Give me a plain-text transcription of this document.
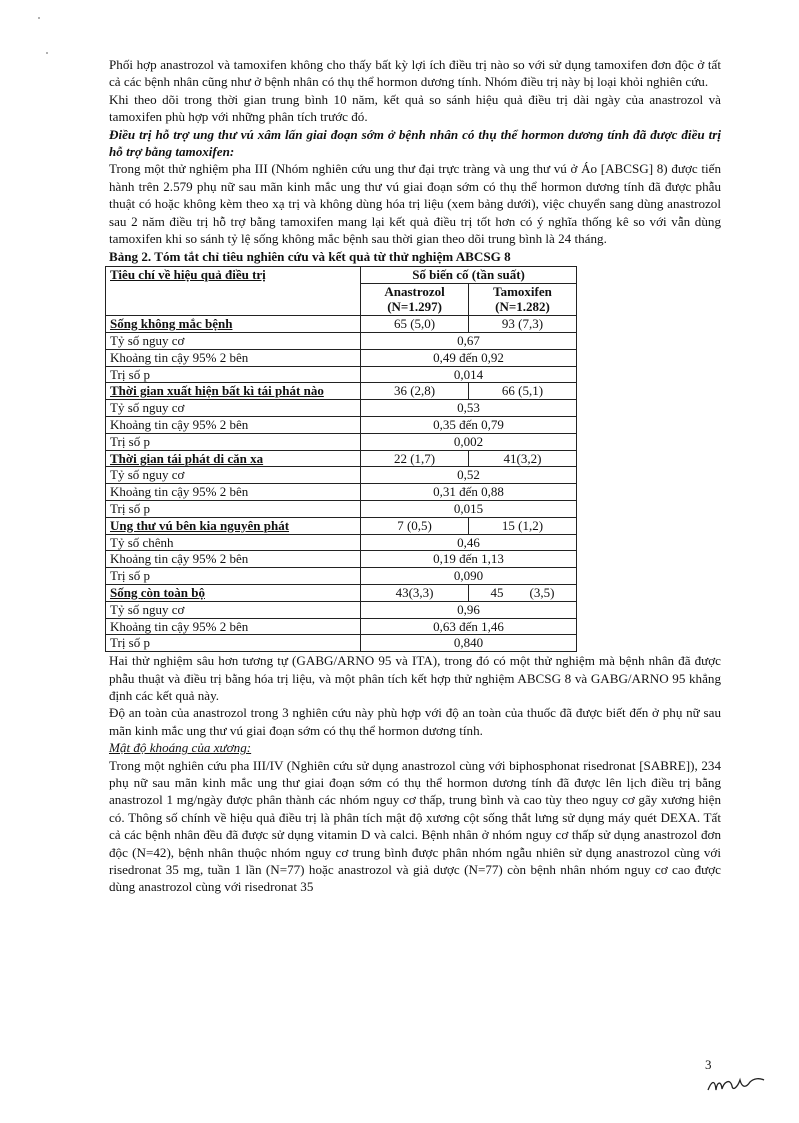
Phối hợp anastrozol và tamoxifen không cho thấy bất kỳ lợi ích điều trị nào so với sử dụng tamoxifen đơn độc ở tất cả các bệnh nhân cũng như ở bệnh nhân có thụ thể hormon dương tính. Nhóm điều trị này bị loại khỏi nghiên cứu.

Khi theo dõi trong thời gian trung bình 10 năm, kết quả so sánh hiệu quả điều trị dài ngày của anastrozol và tamoxifen phù hợp với những phân tích trước đó.

Điều trị hỗ trợ ung thư vú xâm lấn giai đoạn sớm ở bệnh nhân có thụ thể hormon dương tính đã được điều trị hỗ trợ bằng tamoxifen:

Trong một thử nghiệm pha III (Nhóm nghiên cứu ung thư đại trực tràng và ung thư vú ở Áo [ABCSG] 8) được tiến hành trên 2.579 phụ nữ sau mãn kinh mắc ung thư vú giai đoạn sớm có thụ thể hormon dương tính đã được phẫu thuật có hoặc không kèm theo xạ trị và không dùng hóa trị liệu (xem bảng dưới), việc chuyển sang dùng anastrozol sau 2 năm điều trị hỗ trợ bằng tamoxifen mang lại kết quả điều trị tốt hơn có ý nghĩa thống kê so với vẫn dùng tamoxifen khi so sánh tỷ lệ sống không mắc bệnh sau thời gian theo dõi trung bình là 24 tháng.

Bảng 2. Tóm tắt chỉ tiêu nghiên cứu và kết quả từ thử nghiệm ABCSG 8
Tiêu chí về hiệu quả điều trị	Số biến cố (tần suất)	
	Anastrozol (N=1.297)	Tamoxifen (N=1.282)
Sống không mắc bệnh	65 (5,0)	93 (7,3)
Tỷ số nguy cơ	0,67	
Khoảng tin cậy 95% 2 bên	0,49 đến 0,92	
Trị số p	0,014	
Thời gian xuất hiện bất kì tái phát nào	36 (2,8)	66 (5,1)
Tỷ số nguy cơ	0,53	
Khoảng tin cậy 95% 2 bên	0,35 đến 0,79	
Trị số p	0,002	
Thời gian tái phát di căn xa	22 (1,7)	41(3,2)
Tỷ số nguy cơ	0,52	
Khoảng tin cậy 95% 2 bên	0,31 đến 0,88	
Trị số p	0,015	
Ung thư vú bên kia nguyên phát	7 (0,5)	15 (1,2)
Tỷ số chênh	0,46	
Khoảng tin cậy 95% 2 bên	0,19 đến 1,13	
Trị số p	0,090	
Sống còn toàn bộ	43(3,3)	45        (3,5)
Tỷ số nguy cơ	0,96	
Khoảng tin cậy 95% 2 bên	0,63 đến 1,46	
Trị số p	0,840	

Hai thử nghiệm sâu hơn tương tự (GABG/ARNO 95 và ITA), trong đó có một thử nghiệm mà bệnh nhân đã được phẫu thuật và điều trị bằng hóa trị liệu, và một phân tích kết hợp thử nghiệm ABCSG 8 và GABG/ARNO 95 khẳng định các kết quả này.

Độ an toàn của anastrozol trong 3 nghiên cứu này phù hợp với độ an toàn của thuốc đã được biết đến ở phụ nữ sau mãn kinh mắc ung thư vú giai đoạn sớm có thụ thể hormon dương tính.

Mật độ khoáng của xương:

Trong một nghiên cứu pha III/IV (Nghiên cứu sử dụng anastrozol cùng với biphosphonat risedronat [SABRE]), 234 phụ nữ sau mãn kinh mắc ung thư giai đoạn sớm có thụ thể hormon dương tính đã được lên lịch điều trị bằng anastrozol 1 mg/ngày được phân thành các nhóm nguy cơ thấp, trung bình và cao tùy theo nguy cơ gãy xương hiện có. Thông số chính về hiệu quả điều trị là phân tích mật độ xương cột sống thắt lưng sử dụng máy quét DEXA. Tất cả các bệnh nhân đều đã được sử dụng vitamin D và calci. Bệnh nhân ở nhóm nguy cơ thấp sử dụng anastrozol đơn độc (N=42), bệnh nhân thuộc nhóm nguy cơ trung bình được phân nhóm ngẫu nhiên sử dụng anastrozol cùng với risedronat 35 mg, tuần 1 lần (N=77) hoặc anastrozol và giả dược (N=77) còn bệnh nhân nhóm nguy cơ cao được dùng anastrozol cùng với risedronat 35

3
